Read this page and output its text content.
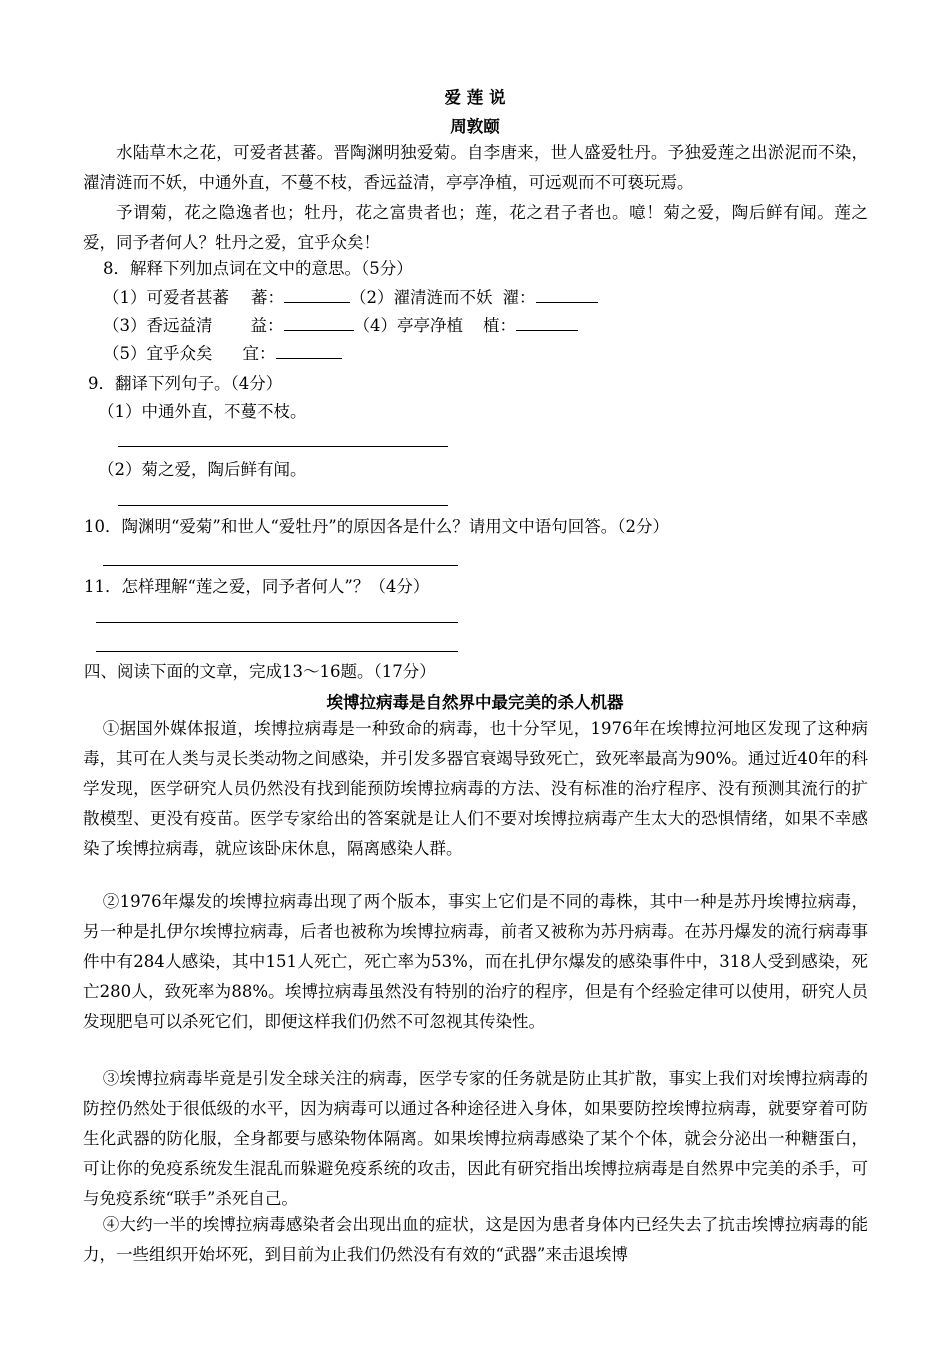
爱 莲 说
周敦颐
水陆草木之花，可爱者甚蕃。晋陶渊明独爱菊。自李唐来，世人盛爱牡丹。予独爱莲之出淤泥而不染，濯清涟而不妖，中通外直，不蔓不枝，香远益清，亭亭净植，可远观而不可亵玩焉。
予谓菊，花之隐逸者也；牡丹，花之富贵者也；莲，花之君子者也。噫！菊之爱，陶后鲜有闻。莲之爱，同予者何人？牡丹之爱，宜乎众矣！
8．解释下列加点词在文中的意思。（5分）
（1）可爱者甚蕃 蕃：	（2）濯清涟而不妖 濯：
（3）香远益清 益：	（4）亭亭净植 植：
（5）宜乎众矣 宜：
9．翻译下列句子。（4分）
（1）中通外直，不蔓不枝。
（2）菊之爱，陶后鲜有闻。
10．陶渊明“爱菊”和世人“爱牡丹”的原因各是什么？请用文中语句回答。（2分）
11．怎样理解“莲之爱，同予者何人”？（4分）
四、阅读下面的文章，完成13～16题。（17分）
埃博拉病毒是自然界中最完美的杀人机器
①据国外媒体报道，埃博拉病毒是一种致命的病毒，也十分罕见，1976年在埃博拉河地区发现了这种病毒，其可在人类与灵长类动物之间感染，并引发多器官衰竭导致死亡，致死率最高为90%。通过近40年的科学发现，医学研究人员仍然没有找到能预防埃博拉病毒的方法、没有标准的治疗程序、没有预测其流行的扩散模型、更没有疫苗。医学专家给出的答案就是让人们不要对埃博拉病毒产生太大的恐惧情绪，如果不幸感染了埃博拉病毒，就应该卧床休息，隔离感染人群。
②1976年爆发的埃博拉病毒出现了两个版本，事实上它们是不同的毒株，其中一种是苏丹埃博拉病毒，另一种是扎伊尔埃博拉病毒，后者也被称为埃博拉病毒，前者又被称为苏丹病毒。在苏丹爆发的流行病毒事件中有284人感染，其中151人死亡，死亡率为53%，而在扎伊尔爆发的感染事件中，318人受到感染，死亡280人，致死率为88%。埃博拉病毒虽然没有特别的治疗的程序，但是有个经验定律可以使用，研究人员发现肥皂可以杀死它们，即便这样我们仍然不可忽视其传染性。
③埃博拉病毒毕竟是引发全球关注的病毒，医学专家的任务就是防止其扩散，事实上我们对埃博拉病毒的防控仍然处于很低级的水平，因为病毒可以通过各种途径进入身体，如果要防控埃博拉病毒，就要穿着可防生化武器的防化服，全身都要与感染物体隔离。如果埃博拉病毒感染了某个个体，就会分泌出一种糖蛋白，可让你的免疫系统发生混乱而躲避免疫系统的攻击，因此有研究指出埃博拉病毒是自然界中完美的杀手，可与免疫系统“联手”杀死自己。
④大约一半的埃博拉病毒感染者会出现出血的症状，这是因为患者身体内已经失去了抗击埃博拉病毒的能力，一些组织开始坏死，到目前为止我们仍然没有有效的“武器”来击退埃博
